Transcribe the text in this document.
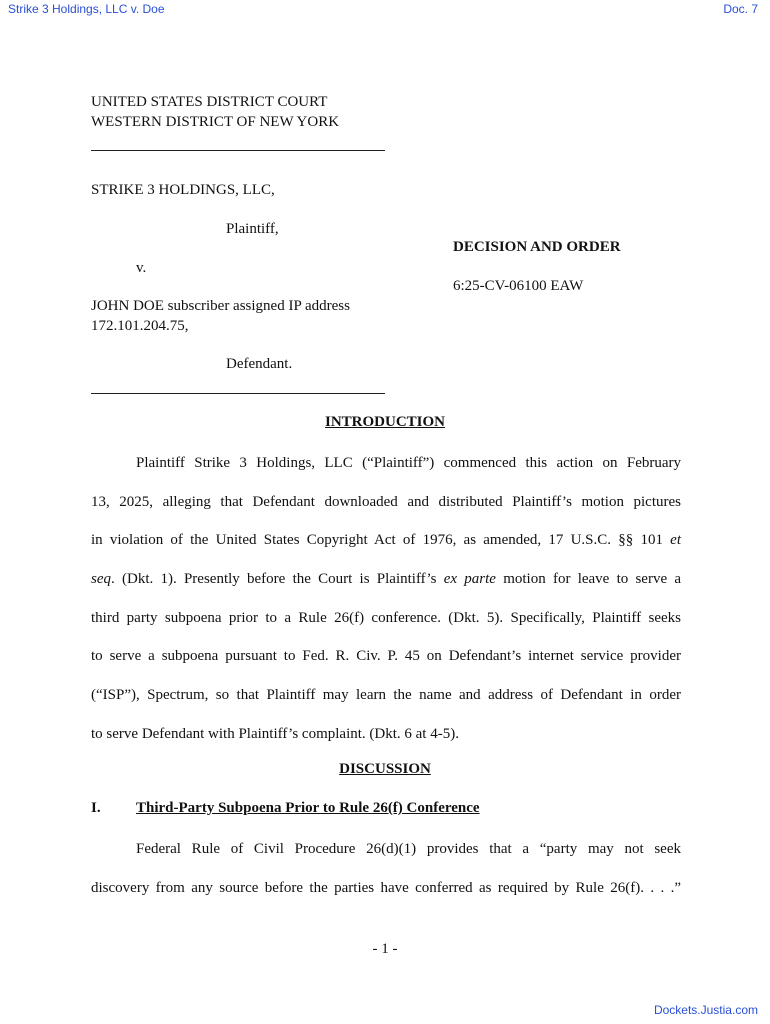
Strike 3 Holdings, LLC v. Doe	Doc. 7
UNITED STATES DISTRICT COURT
WESTERN DISTRICT OF NEW YORK
STRIKE 3 HOLDINGS, LLC,
Plaintiff,
v.
JOHN DOE subscriber assigned IP address
172.101.204.75,
Defendant.
DECISION AND ORDER
6:25-CV-06100 EAW
INTRODUCTION
Plaintiff Strike 3 Holdings, LLC (“Plaintiff”) commenced this action on February
13, 2025, alleging that Defendant downloaded and distributed Plaintiff’s motion pictures
in violation of the United States Copyright Act of 1976, as amended, 17 U.S.C. §§ 101 et
seq. (Dkt. 1). Presently before the Court is Plaintiff’s ex parte motion for leave to serve a
third party subpoena prior to a Rule 26(f) conference. (Dkt. 5). Specifically, Plaintiff seeks
to serve a subpoena pursuant to Fed. R. Civ. P. 45 on Defendant’s internet service provider
(“ISP”), Spectrum, so that Plaintiff may learn the name and address of Defendant in order
to serve Defendant with Plaintiff’s complaint. (Dkt. 6 at 4-5).
DISCUSSION
I. Third-Party Subpoena Prior to Rule 26(f) Conference
Federal Rule of Civil Procedure 26(d)(1) provides that a “party may not seek
discovery from any source before the parties have conferred as required by Rule 26(f). . . .”
- 1 -
Dockets.Justia.com
